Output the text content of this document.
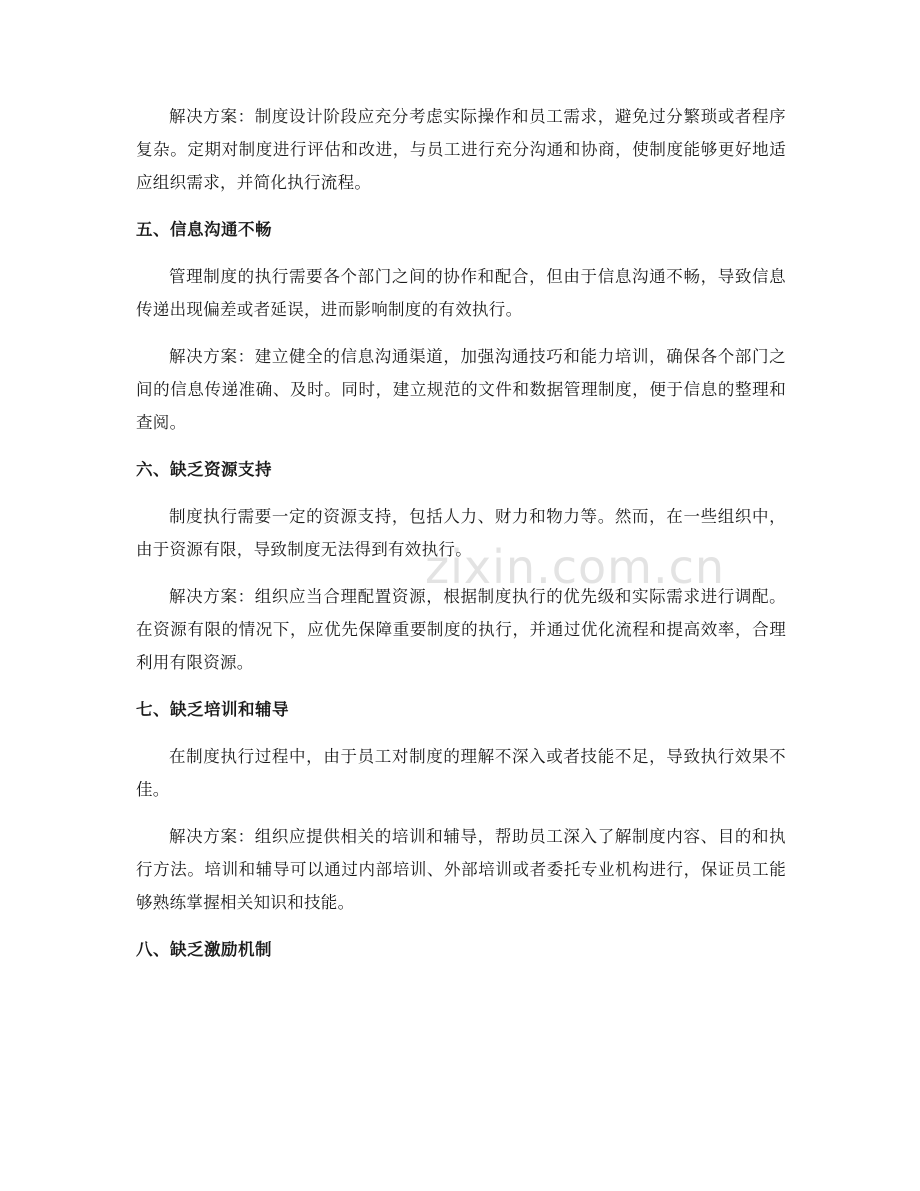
zixin.com.cn

解决方案：制度设计阶段应充分考虑实际操作和员工需求，避免过分繁琐或者程序复杂。定期对制度进行评估和改进，与员工进行充分沟通和协商，使制度能够更好地适应组织需求，并简化执行流程。

五、信息沟通不畅

管理制度的执行需要各个部门之间的协作和配合，但由于信息沟通不畅，导致信息传递出现偏差或者延误，进而影响制度的有效执行。

解决方案：建立健全的信息沟通渠道，加强沟通技巧和能力培训，确保各个部门之间的信息传递准确、及时。同时，建立规范的文件和数据管理制度，便于信息的整理和查阅。

六、缺乏资源支持

制度执行需要一定的资源支持，包括人力、财力和物力等。然而，在一些组织中，由于资源有限，导致制度无法得到有效执行。

解决方案：组织应当合理配置资源，根据制度执行的优先级和实际需求进行调配。在资源有限的情况下，应优先保障重要制度的执行，并通过优化流程和提高效率，合理利用有限资源。

七、缺乏培训和辅导

在制度执行过程中，由于员工对制度的理解不深入或者技能不足，导致执行效果不佳。

解决方案：组织应提供相关的培训和辅导，帮助员工深入了解制度内容、目的和执行方法。培训和辅导可以通过内部培训、外部培训或者委托专业机构进行，保证员工能够熟练掌握相关知识和技能。

八、缺乏激励机制
